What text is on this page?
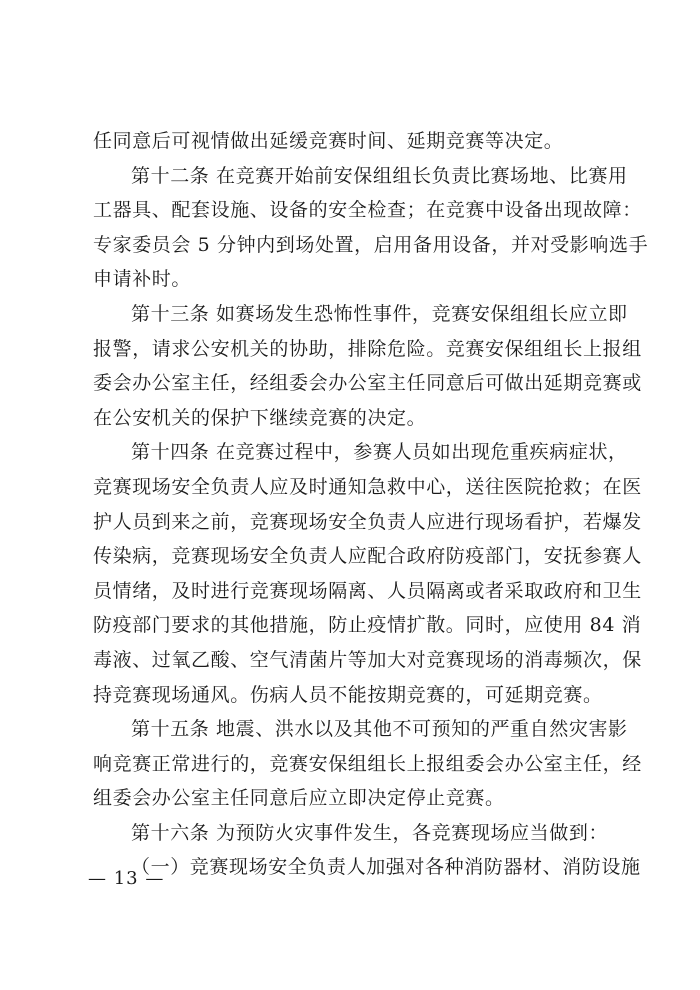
任同意后可视情做出延缓竞赛时间、延期竞赛等决定。
第十二条 在竞赛开始前安保组组长负责比赛场地、比赛用
工器具、配套设施、设备的安全检查；在竞赛中设备出现故障：
专家委员会 5 分钟内到场处置，启用备用设备，并对受影响选手
申请补时。
第十三条 如赛场发生恐怖性事件，竞赛安保组组长应立即
报警，请求公安机关的协助，排除危险。竞赛安保组组长上报组
委会办公室主任，经组委会办公室主任同意后可做出延期竞赛或
在公安机关的保护下继续竞赛的决定。
第十四条 在竞赛过程中，参赛人员如出现危重疾病症状，
竞赛现场安全负责人应及时通知急救中心，送往医院抢救；在医
护人员到来之前，竞赛现场安全负责人应进行现场看护，若爆发
传染病，竞赛现场安全负责人应配合政府防疫部门，安抚参赛人
员情绪，及时进行竞赛现场隔离、人员隔离或者采取政府和卫生
防疫部门要求的其他措施，防止疫情扩散。同时，应使用 84 消
毒液、过氧乙酸、空气清菌片等加大对竞赛现场的消毒频次，保
持竞赛现场通风。伤病人员不能按期竞赛的，可延期竞赛。
第十五条 地震、洪水以及其他不可预知的严重自然灾害影
响竞赛正常进行的，竞赛安保组组长上报组委会办公室主任，经
组委会办公室主任同意后应立即决定停止竞赛。
第十六条 为预防火灾事件发生，各竞赛现场应当做到：
（一）竞赛现场安全负责人加强对各种消防器材、消防设施
— 13 —
